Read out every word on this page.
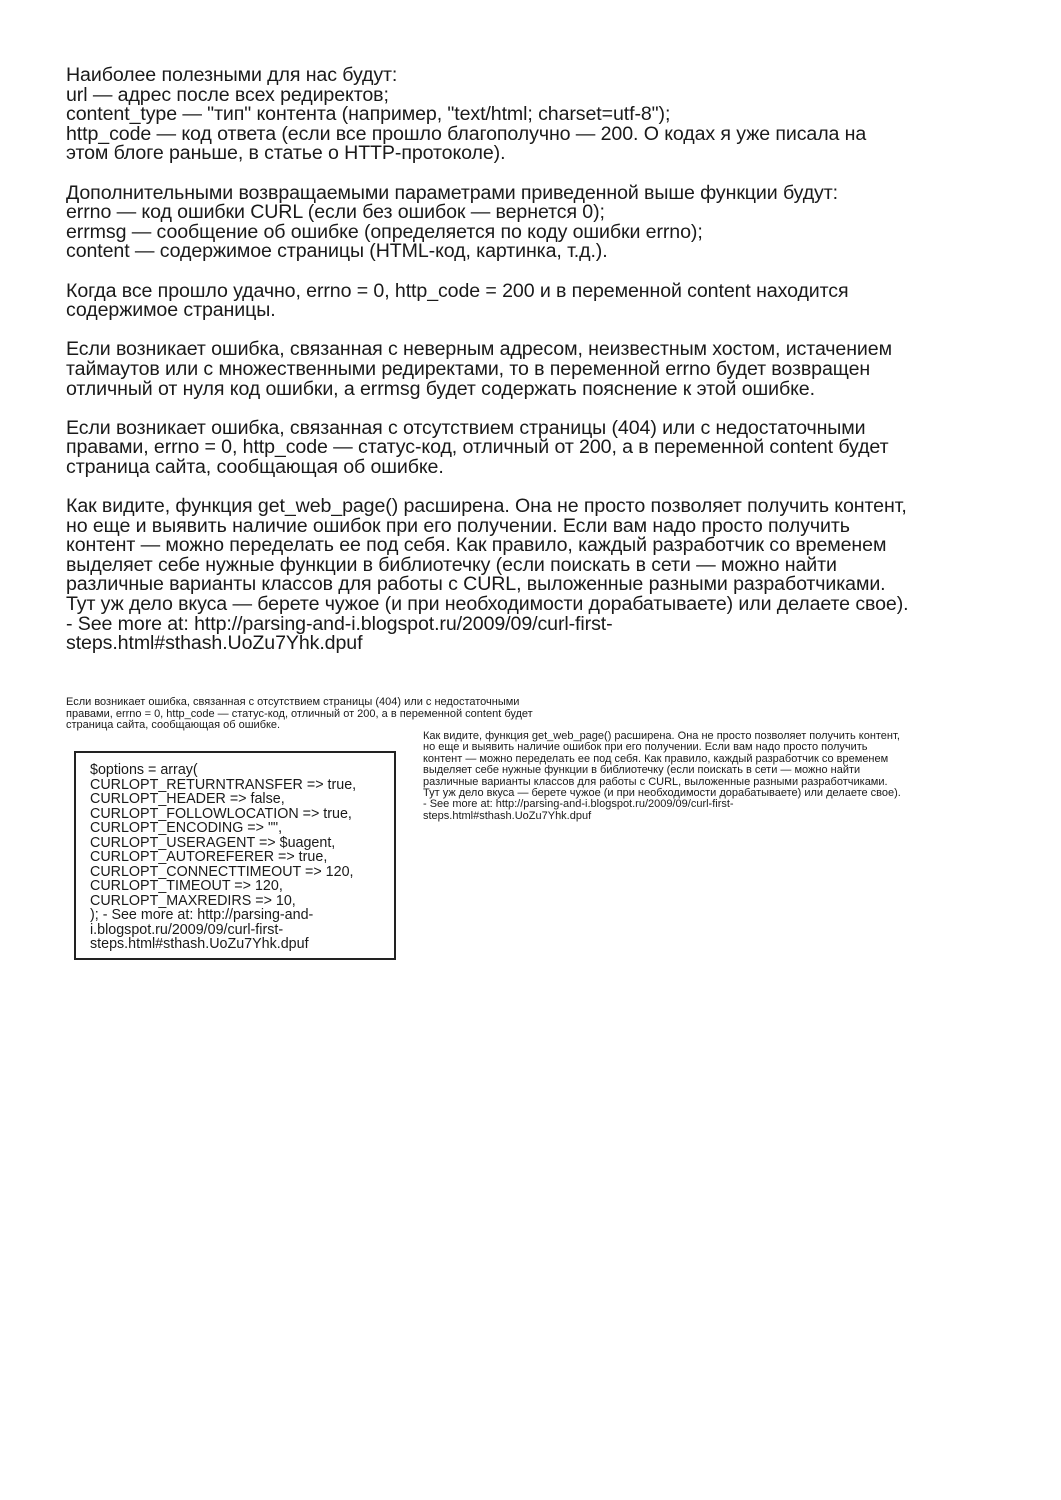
Наиболее полезными для нас будут:
url — адрес после всех редиректов;
content_type — "тип" контента (например, "text/html; charset=utf-8");
http_code — код ответа (если все прошло благополучно — 200. О кодах я уже писала на
этом блоге раньше, в статье о HTTP-протоколе).

Дополнительными возвращаемыми параметрами приведенной выше функции будут:
errno — код ошибки CURL (если без ошибок — вернется 0);
errmsg — сообщение об ошибке (определяется по коду ошибки errno);
content — содержимое страницы (HTML-код, картинка, т.д.).

Когда все прошло удачно, errno = 0, http_code = 200 и в переменной content находится
содержимое страницы.

Если возникает ошибка, связанная с неверным адресом, неизвестным хостом, истачением
таймаутов или с множественными редиректами, то в переменной errno будет возвращен
отличный от нуля код ошибки, а errmsg будет содержать пояснение к этой ошибке.

Если возникает ошибка, связанная с отсутствием страницы (404) или с недостаточными
правами, errno = 0, http_code — статус-код, отличный от 200, а в переменной content будет
страница сайта, сообщающая об ошибке.

Как видите, функция get_web_page() расширена. Она не просто позволяет получить контент,
но еще и выявить наличие ошибок при его получении. Если вам надо просто получить
контент — можно переделать ее под себя. Как правило, каждый разработчик со временем
выделяет себе нужные функции в библиотечку (если поискать в сети — можно найти
различные варианты классов для работы с CURL, выложенные разными разработчиками.
Тут уж дело вкуса — берете чужое (и при необходимости дорабатываете) или делаете свое).
- See more at: http://parsing-and-i.blogspot.ru/2009/09/curl-first-
steps.html#sthash.UoZu7Yhk.dpuf

Если возникает ошибка, связанная с отсутствием страницы (404) или с недостаточными
правами, errno = 0, http_code — статус-код, отличный от 200, а в переменной content будет
страница сайта, сообщающая об ошибке.
Как видите, функция get_web_page() расширена. Она не просто позволяет получить контент,
но еще и выявить наличие ошибок при его получении. Если вам надо просто получить
контент — можно переделать ее под себя. Как правило, каждый разработчик со временем
выделяет себе нужные функции в библиотечку (если поискать в сети — можно найти
различные варианты классов для работы с CURL, выложенные разными разработчиками.
Тут уж дело вкуса — берете чужое (и при необходимости дорабатываете) или делаете свое).
- See more at: http://parsing-and-i.blogspot.ru/2009/09/curl-first-
steps.html#sthash.UoZu7Yhk.dpuf
$options = array(
CURLOPT_RETURNTRANSFER => true,
CURLOPT_HEADER => false,
CURLOPT_FOLLOWLOCATION => true,
CURLOPT_ENCODING => "",
CURLOPT_USERAGENT => $uagent,
CURLOPT_AUTOREFERER => true,
CURLOPT_CONNECTTIMEOUT => 120,
CURLOPT_TIMEOUT => 120,
CURLOPT_MAXREDIRS => 10,
); - See more at: http://parsing-and-
i.blogspot.ru/2009/09/curl-first-
steps.html#sthash.UoZu7Yhk.dpuf
